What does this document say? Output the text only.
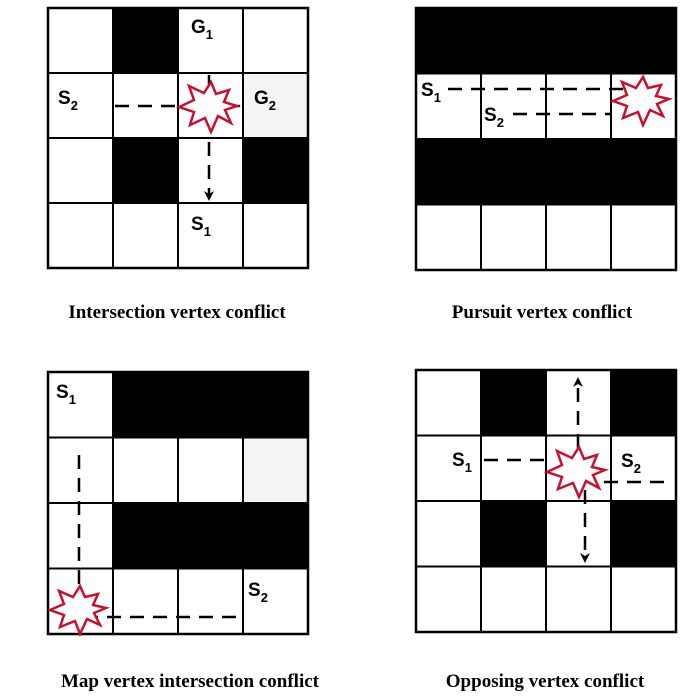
$G_1$
$S_2$	$G_2$
$S_1$
Intersection vertex conflict
$S_1$
$S_2$
Pursuit vertex conflict
$S_1$
$S_2$
Map vertex intersection conflict
$S_1$	$S_2$
Opposing vertex conflict
